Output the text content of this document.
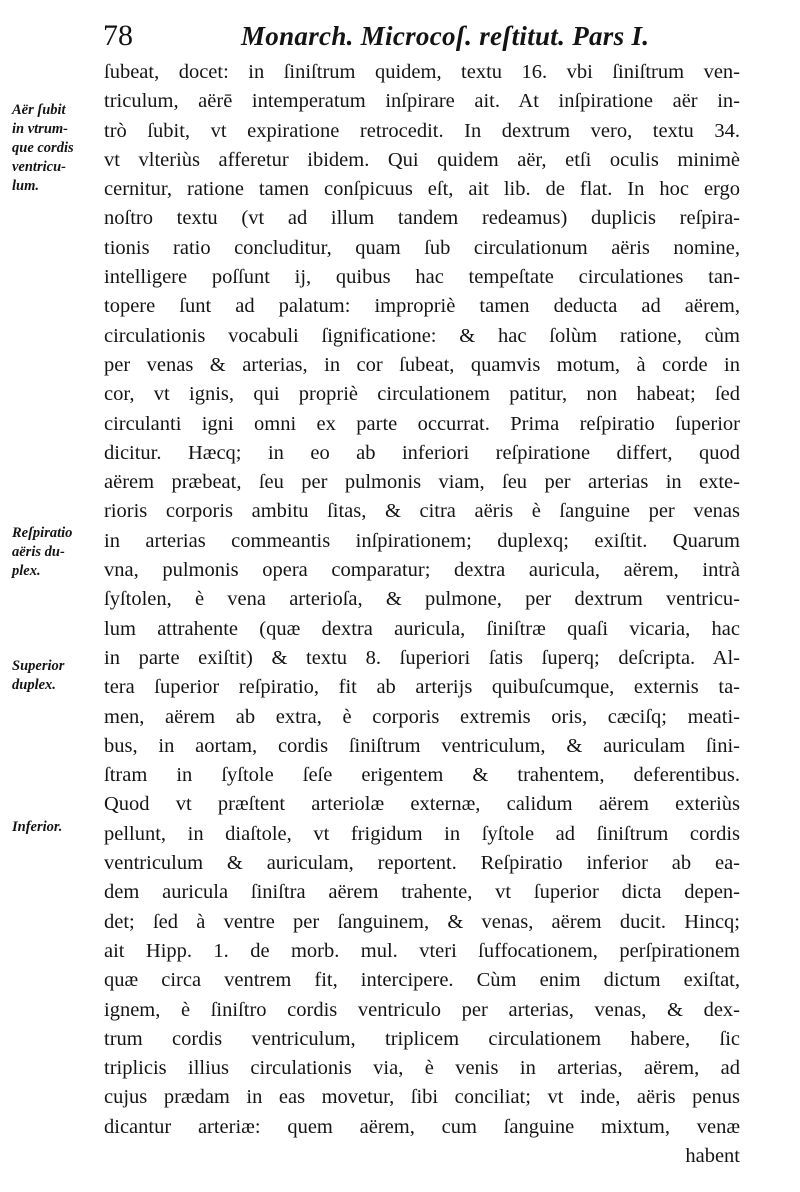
78	Monarch. Microcoſ. reſtitut. Pars I.
ſubeat, docet: in ſiniſtrum quidem, textu 16. vbi ſiniſtrum ven-
triculum, aërē intemperatum inſpirare ait. At inſpiratione aër in-
trò ſubit, vt expiratione retrocedit. In dextrum vero, textu 34.
vt vlteriùs afferetur ibidem. Qui quidem aër, etſi oculis minimè
cernitur, ratione tamen conſpicuus eſt, ait lib. de flat. In hoc ergo
noſtro textu (vt ad illum tandem redeamus) duplicis reſpira-
tionis ratio concluditur, quam ſub circulationum aëris nomine,
intelligere poſſunt ij, quibus hac tempeſtate circulationes tan-
topere ſunt ad palatum: impropriè tamen deducta ad aërem,
circulationis vocabuli ſignificatione: & hac ſolùm ratione, cùm
per venas & arterias, in cor ſubeat, quamvis motum, à corde in
cor, vt ignis, qui propriè circulationem patitur, non habeat; ſed
circulanti igni omni ex parte occurrat. Prima reſpiratio ſuperior
dicitur. Hæcq; in eo ab inferiori reſpiratione differt, quod
aërem præbeat, ſeu per pulmonis viam, ſeu per arterias in exte-
rioris corporis ambitu ſitas, & citra aëris è ſanguine per venas
in arterias commeantis inſpirationem; duplexq; exiſtit. Quarum
vna, pulmonis opera comparatur; dextra auricula, aërem, intrà
ſyſtolen, è vena arterioſa, & pulmone, per dextrum ventricu-
lum attrahente (quæ dextra auricula, ſiniſtræ quaſi vicaria, hac
in parte exiſtit) & textu 8. ſuperiori ſatis ſuperq; deſcripta. Al-
tera ſuperior reſpiratio, fit ab arterijs quibuſcumque, externis ta-
men, aërem ab extra, è corporis extremis oris, cæciſq; meati-
bus, in aortam, cordis ſiniſtrum ventriculum, & auriculam ſini-
ſtram in ſyſtole ſeſe erigentem & trahentem, deferentibus.
Quod vt præſtent arteriolæ externæ, calidum aërem exteriùs
pellunt, in diaſtole, vt frigidum in ſyſtole ad ſiniſtrum cordis
ventriculum & auriculam, reportent. Reſpiratio inferior ab ea-
dem auricula ſiniſtra aërem trahente, vt ſuperior dicta depen-
det; ſed à ventre per ſanguinem, & venas, aërem ducit. Hincq;
ait Hipp. 1. de morb. mul. vteri ſuffocationem, perſpirationem
quæ circa ventrem fit, intercipere. Cùm enim dictum exiſtat,
ignem, è ſiniſtro cordis ventriculo per arterias, venas, & dex-
trum cordis ventriculum, triplicem circulationem habere, ſic
triplicis illius circulationis via, è venis in arterias, aërem, ad
cujus prædam in eas movetur, ſibi conciliat; vt inde, aëris penus
dicantur arteriæ: quem aërem, cum ſanguine mixtum, venæ
habent
Aër ſubit
in vtrum-
que cordis
ventricu-
lum.
Reſpiratio
aëris du-
plex.
Superior
duplex.
Inferior.
